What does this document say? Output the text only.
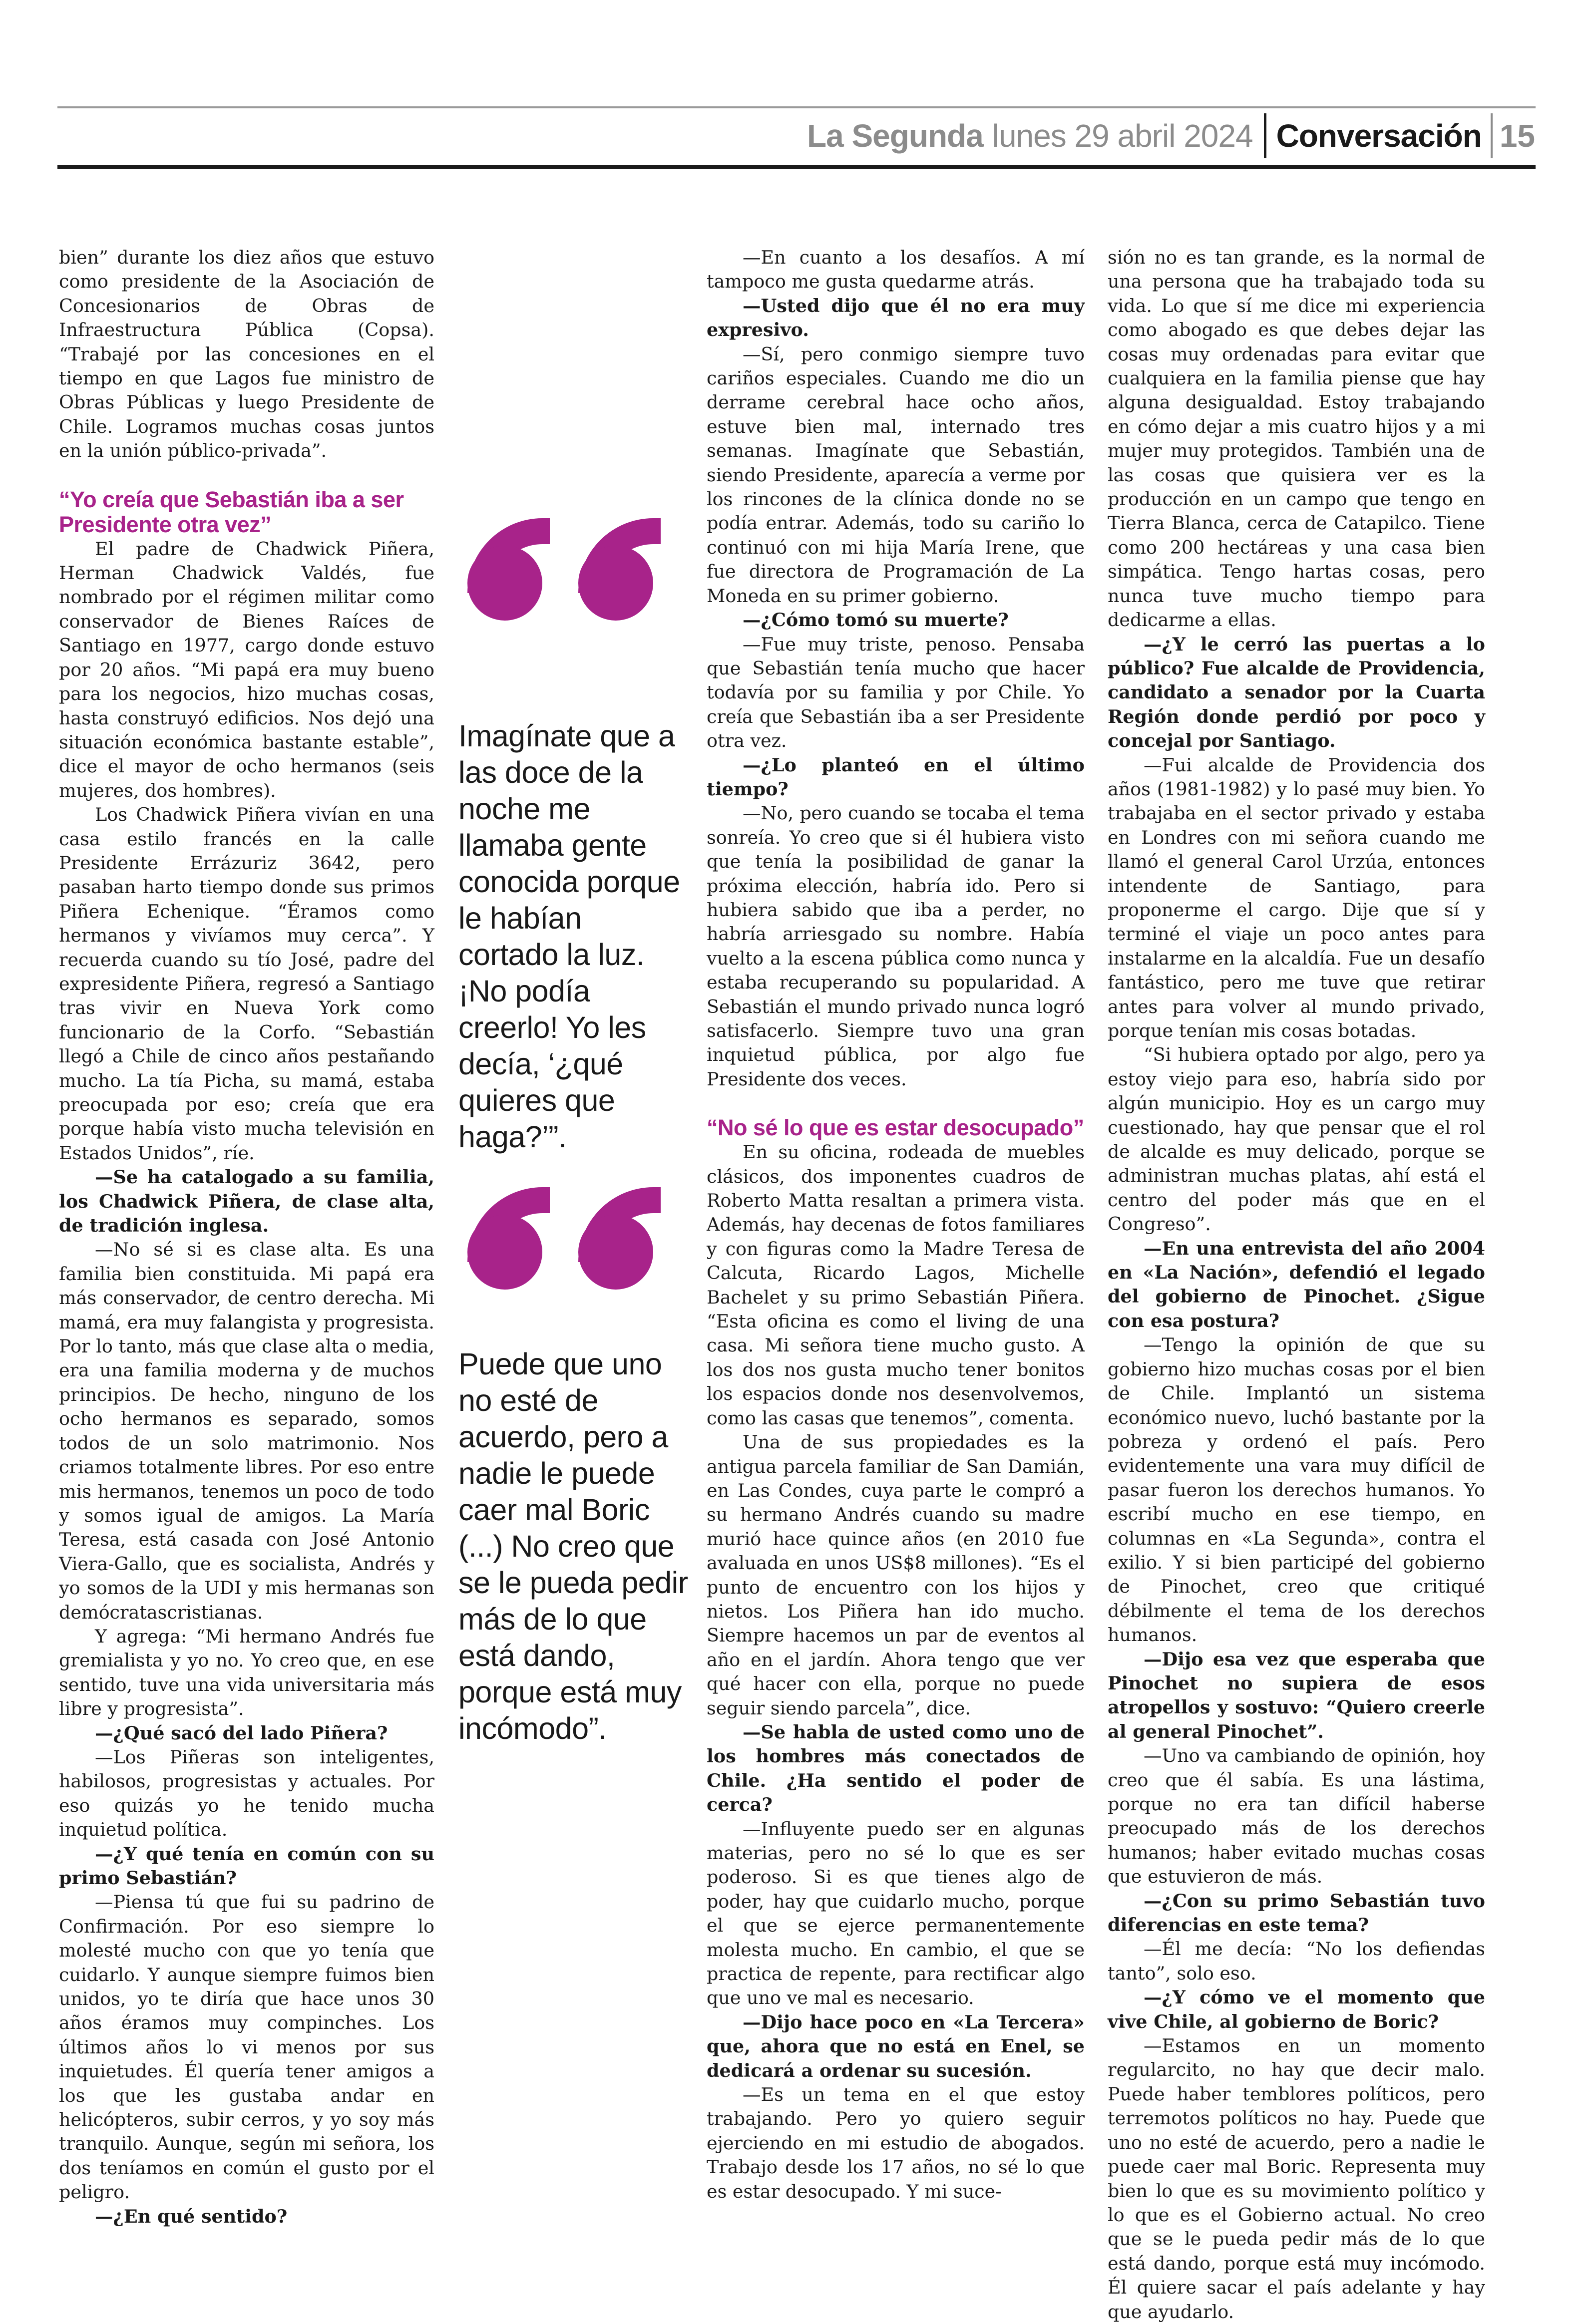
La Segunda lunes 29 abril 2024 Conversación 15

bien” durante los diez años que estuvo como presidente de la Asociación de Concesionarios de Obras de Infraestructura Pública (Copsa). “Trabajé por las concesiones en el tiempo en que Lagos fue ministro de Obras Públicas y luego Presidente de Chile. Logramos muchas cosas juntos en la unión público-privada”.

“Yo creía que Sebastián iba a ser Presidente otra vez”

El padre de Chadwick Piñera, Herman Chadwick Valdés, fue nombrado por el régimen militar como conservador de Bienes Raíces de Santiago en 1977, cargo donde estuvo por 20 años. “Mi papá era muy bueno para los negocios, hizo muchas cosas, hasta construyó edificios. Nos dejó una situación económica bastante estable”, dice el mayor de ocho hermanos (seis mujeres, dos hombres).

Los Chadwick Piñera vivían en una casa estilo francés en la calle Presidente Errázuriz 3642, pero pasaban harto tiempo donde sus primos Piñera Echenique. “Éramos como hermanos y vivíamos muy cerca”. Y recuerda cuando su tío José, padre del expresidente Piñera, regresó a Santiago tras vivir en Nueva York como funcionario de la Corfo. “Sebastián llegó a Chile de cinco años pestañando mucho. La tía Picha, su mamá, estaba preocupada por eso; creía que era porque había visto mucha televisión en Estados Unidos”, ríe.

—Se ha catalogado a su familia, los Chadwick Piñera, de clase alta, de tradición inglesa.

—No sé si es clase alta. Es una familia bien constituida. Mi papá era más conservador, de centro derecha. Mi mamá, era muy falangista y progresista. Por lo tanto, más que clase alta o media, era una familia moderna y de muchos principios. De hecho, ninguno de los ocho hermanos es separado, somos todos de un solo matrimonio. Nos criamos totalmente libres. Por eso entre mis hermanos, tenemos un poco de todo y somos igual de amigos. La María Teresa, está casada con José Antonio Viera-Gallo, que es socialista, Andrés y yo somos de la UDI y mis hermanas son demócratascristianas.

Y agrega: “Mi hermano Andrés fue gremialista y yo no. Yo creo que, en ese sentido, tuve una vida universitaria más libre y progresista”.

—¿Qué sacó del lado Piñera?

—Los Piñeras son inteligentes, habilosos, progresistas y actuales. Por eso quizás yo he tenido mucha inquietud política.

—¿Y qué tenía en común con su primo Sebastián?

—Piensa tú que fui su padrino de Confirmación. Por eso siempre lo molesté mucho con que yo tenía que cuidarlo. Y aunque siempre fuimos bien unidos, yo te diría que hace unos 30 años éramos muy compinches. Los últimos años lo vi menos por sus inquietudes. Él quería tener amigos a los que les gustaba andar en helicópteros, subir cerros, y yo soy más tranquilo. Aunque, según mi señora, los dos teníamos en común el gusto por el peligro.

—¿En qué sentido?

Imagínate que a las doce de la noche me llamaba gente conocida porque le habían cortado la luz. ¡No podía creerlo! Yo les decía, ‘¿qué quieres que haga?’”.
Puede que uno no esté de acuerdo, pero a nadie le puede caer mal Boric (...) No creo que se le pueda pedir más de lo que está dando, porque está muy incómodo”.

—En cuanto a los desafíos. A mí tampoco me gusta quedarme atrás.

—Usted dijo que él no era muy expresivo.

—Sí, pero conmigo siempre tuvo cariños especiales. Cuando me dio un derrame cerebral hace ocho años, estuve bien mal, internado tres semanas. Imagínate que Sebastián, siendo Presidente, aparecía a verme por los rincones de la clínica donde no se podía entrar. Además, todo su cariño lo continuó con mi hija María Irene, que fue directora de Programación de La Moneda en su primer gobierno.

—¿Cómo tomó su muerte?

—Fue muy triste, penoso. Pensaba que Sebastián tenía mucho que hacer todavía por su familia y por Chile. Yo creía que Sebastián iba a ser Presidente otra vez.

—¿Lo planteó en el último tiempo?

—No, pero cuando se tocaba el tema sonreía. Yo creo que si él hubiera visto que tenía la posibilidad de ganar la próxima elección, habría ido. Pero si hubiera sabido que iba a perder, no habría arriesgado su nombre. Había vuelto a la escena pública como nunca y estaba recuperando su popularidad. A Sebastián el mundo privado nunca logró satisfacerlo. Siempre tuvo una gran inquietud pública, por algo fue Presidente dos veces.

“No sé lo que es estar desocupado”

En su oficina, rodeada de muebles clásicos, dos imponentes cuadros de Roberto Matta resaltan a primera vista. Además, hay decenas de fotos familiares y con figuras como la Madre Teresa de Calcuta, Ricardo Lagos, Michelle Bachelet y su primo Sebastián Piñera. “Esta oficina es como el living de una casa. Mi señora tiene mucho gusto. A los dos nos gusta mucho tener bonitos los espacios donde nos desenvolvemos, como las casas que tenemos”, comenta.

Una de sus propiedades es la antigua parcela familiar de San Damián, en Las Condes, cuya parte le compró a su hermano Andrés cuando su madre murió hace quince años (en 2010 fue avaluada en unos US$8 millones). “Es el punto de encuentro con los hijos y nietos. Los Piñera han ido mucho. Siempre hacemos un par de eventos al año en el jardín. Ahora tengo que ver qué hacer con ella, porque no puede seguir siendo parcela”, dice.

—Se habla de usted como uno de los hombres más conectados de Chile. ¿Ha sentido el poder de cerca?

—Influyente puedo ser en algunas materias, pero no sé lo que es ser poderoso. Si es que tienes algo de poder, hay que cuidarlo mucho, porque el que se ejerce permanentemente molesta mucho. En cambio, el que se practica de repente, para rectificar algo que uno ve mal es necesario.

—Dijo hace poco en «La Tercera» que, ahora que no está en Enel, se dedicará a ordenar su sucesión.

—Es un tema en el que estoy trabajando. Pero yo quiero seguir ejerciendo en mi estudio de abogados. Trabajo desde los 17 años, no sé lo que es estar desocupado. Y mi suce-

sión no es tan grande, es la normal de una persona que ha trabajado toda su vida. Lo que sí me dice mi experiencia como abogado es que debes dejar las cosas muy ordenadas para evitar que cualquiera en la familia piense que hay alguna desigualdad. Estoy trabajando en cómo dejar a mis cuatro hijos y a mi mujer muy protegidos. También una de las cosas que quisiera ver es la producción en un campo que tengo en Tierra Blanca, cerca de Catapilco. Tiene como 200 hectáreas y una casa bien simpática. Tengo hartas cosas, pero nunca tuve mucho tiempo para dedicarme a ellas.

—¿Y le cerró las puertas a lo público? Fue alcalde de Providencia, candidato a senador por la Cuarta Región donde perdió por poco y concejal por Santiago.

—Fui alcalde de Providencia dos años (1981-1982) y lo pasé muy bien. Yo trabajaba en el sector privado y estaba en Londres con mi señora cuando me llamó el general Carol Urzúa, entonces intendente de Santiago, para proponerme el cargo. Dije que sí y terminé el viaje un poco antes para instalarme en la alcaldía. Fue un desafío fantástico, pero me tuve que retirar antes para volver al mundo privado, porque tenían mis cosas botadas.

“Si hubiera optado por algo, pero ya estoy viejo para eso, habría sido por algún municipio. Hoy es un cargo muy cuestionado, hay que pensar que el rol de alcalde es muy delicado, porque se administran muchas platas, ahí está el centro del poder más que en el Congreso”.

—En una entrevista del año 2004 en «La Nación», defendió el legado del gobierno de Pinochet. ¿Sigue con esa postura?

—Tengo la opinión de que su gobierno hizo muchas cosas por el bien de Chile. Implantó un sistema económico nuevo, luchó bastante por la pobreza y ordenó el país. Pero evidentemente una vara muy difícil de pasar fueron los derechos humanos. Yo escribí mucho en ese tiempo, en columnas en «La Segunda», contra el exilio. Y si bien participé del gobierno de Pinochet, creo que critiqué débilmente el tema de los derechos humanos.

—Dijo esa vez que esperaba que Pinochet no supiera de esos atropellos y sostuvo: “Quiero creerle al general Pinochet”.

—Uno va cambiando de opinión, hoy creo que él sabía. Es una lástima, porque no era tan difícil haberse preocupado más de los derechos humanos; haber evitado muchas cosas que estuvieron de más.

—¿Con su primo Sebastián tuvo diferencias en este tema?

—Él me decía: “No los defiendas tanto”, solo eso.

—¿Y cómo ve el momento que vive Chile, al gobierno de Boric?

—Estamos en un momento regularcito, no hay que decir malo. Puede haber temblores políticos, pero terremotos políticos no hay. Puede que uno no esté de acuerdo, pero a nadie le puede caer mal Boric. Representa muy bien lo que es su movimiento político y lo que es el Gobierno actual. No creo que se le pueda pedir más de lo que está dando, porque está muy incómodo. Él quiere sacar el país adelante y hay que ayudarlo.
